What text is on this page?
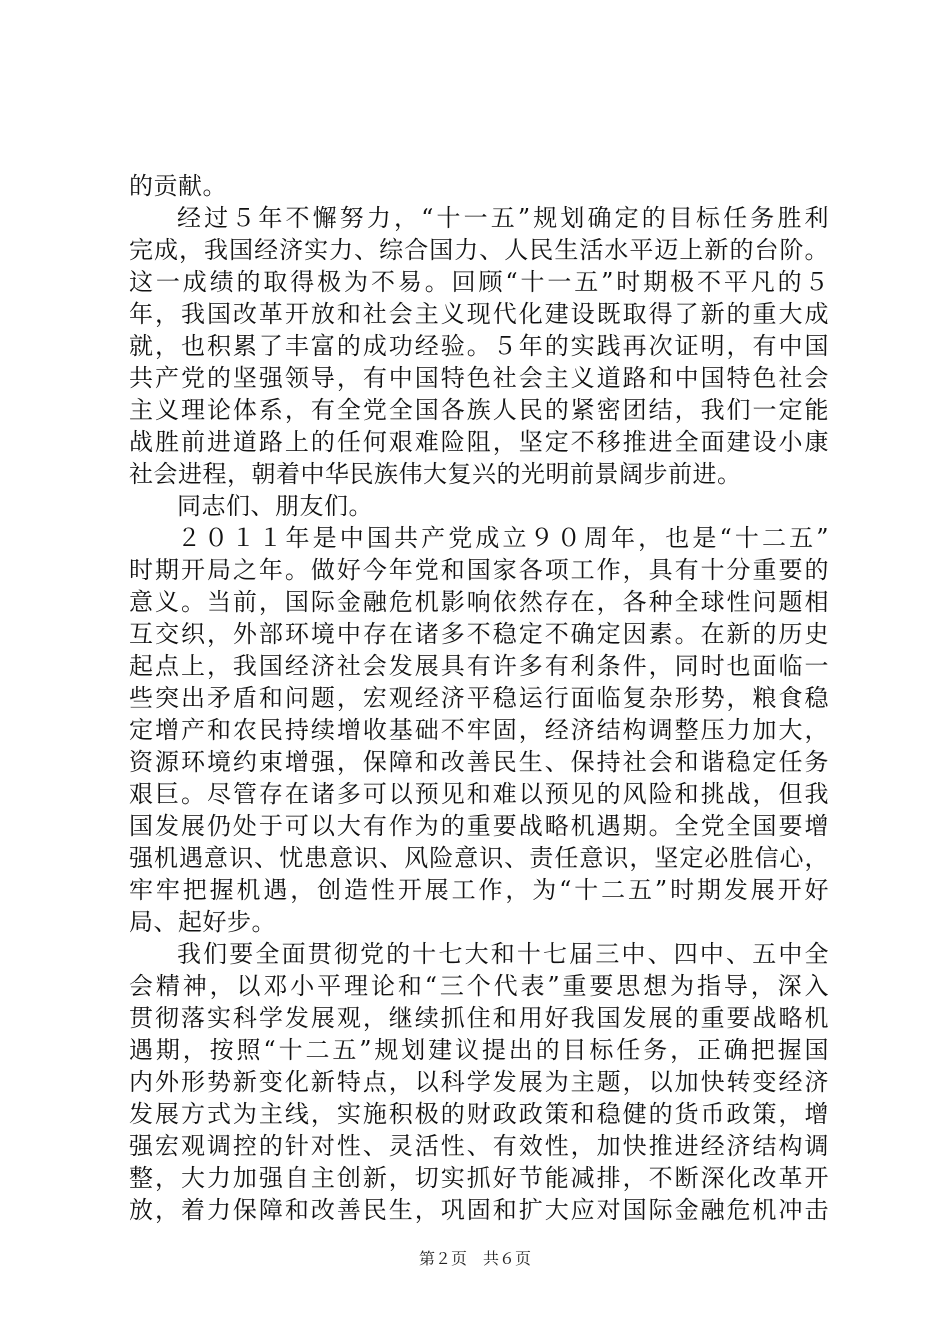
的贡献。
经过５年不懈努力，“十一五”规划确定的目标任务胜利
完成，我国经济实力、综合国力、人民生活水平迈上新的台阶。
这一成绩的取得极为不易。回顾“十一五”时期极不平凡的５
年，我国改革开放和社会主义现代化建设既取得了新的重大成
就，也积累了丰富的成功经验。５年的实践再次证明，有中国
共产党的坚强领导，有中国特色社会主义道路和中国特色社会
主义理论体系，有全党全国各族人民的紧密团结，我们一定能
战胜前进道路上的任何艰难险阻，坚定不移推进全面建设小康
社会进程，朝着中华民族伟大复兴的光明前景阔步前进。
同志们、朋友们。
２０１１年是中国共产党成立９０周年，也是“十二五”
时期开局之年。做好今年党和国家各项工作，具有十分重要的
意义。当前，国际金融危机影响依然存在，各种全球性问题相
互交织，外部环境中存在诸多不稳定不确定因素。在新的历史
起点上，我国经济社会发展具有许多有利条件，同时也面临一
些突出矛盾和问题，宏观经济平稳运行面临复杂形势，粮食稳
定增产和农民持续增收基础不牢固，经济结构调整压力加大，
资源环境约束增强，保障和改善民生、保持社会和谐稳定任务
艰巨。尽管存在诸多可以预见和难以预见的风险和挑战，但我
国发展仍处于可以大有作为的重要战略机遇期。全党全国要增
强机遇意识、忧患意识、风险意识、责任意识，坚定必胜信心，
牢牢把握机遇，创造性开展工作，为“十二五”时期发展开好
局、起好步。
我们要全面贯彻党的十七大和十七届三中、四中、五中全
会精神，以邓小平理论和“三个代表”重要思想为指导，深入
贯彻落实科学发展观，继续抓住和用好我国发展的重要战略机
遇期，按照“十二五”规划建议提出的目标任务，正确把握国
内外形势新变化新特点，以科学发展为主题，以加快转变经济
发展方式为主线，实施积极的财政政策和稳健的货币政策，增
强宏观调控的针对性、灵活性、有效性，加快推进经济结构调
整，大力加强自主创新，切实抓好节能减排，不断深化改革开
放，着力保障和改善民生，巩固和扩大应对国际金融危机冲击
第２页　共６页
